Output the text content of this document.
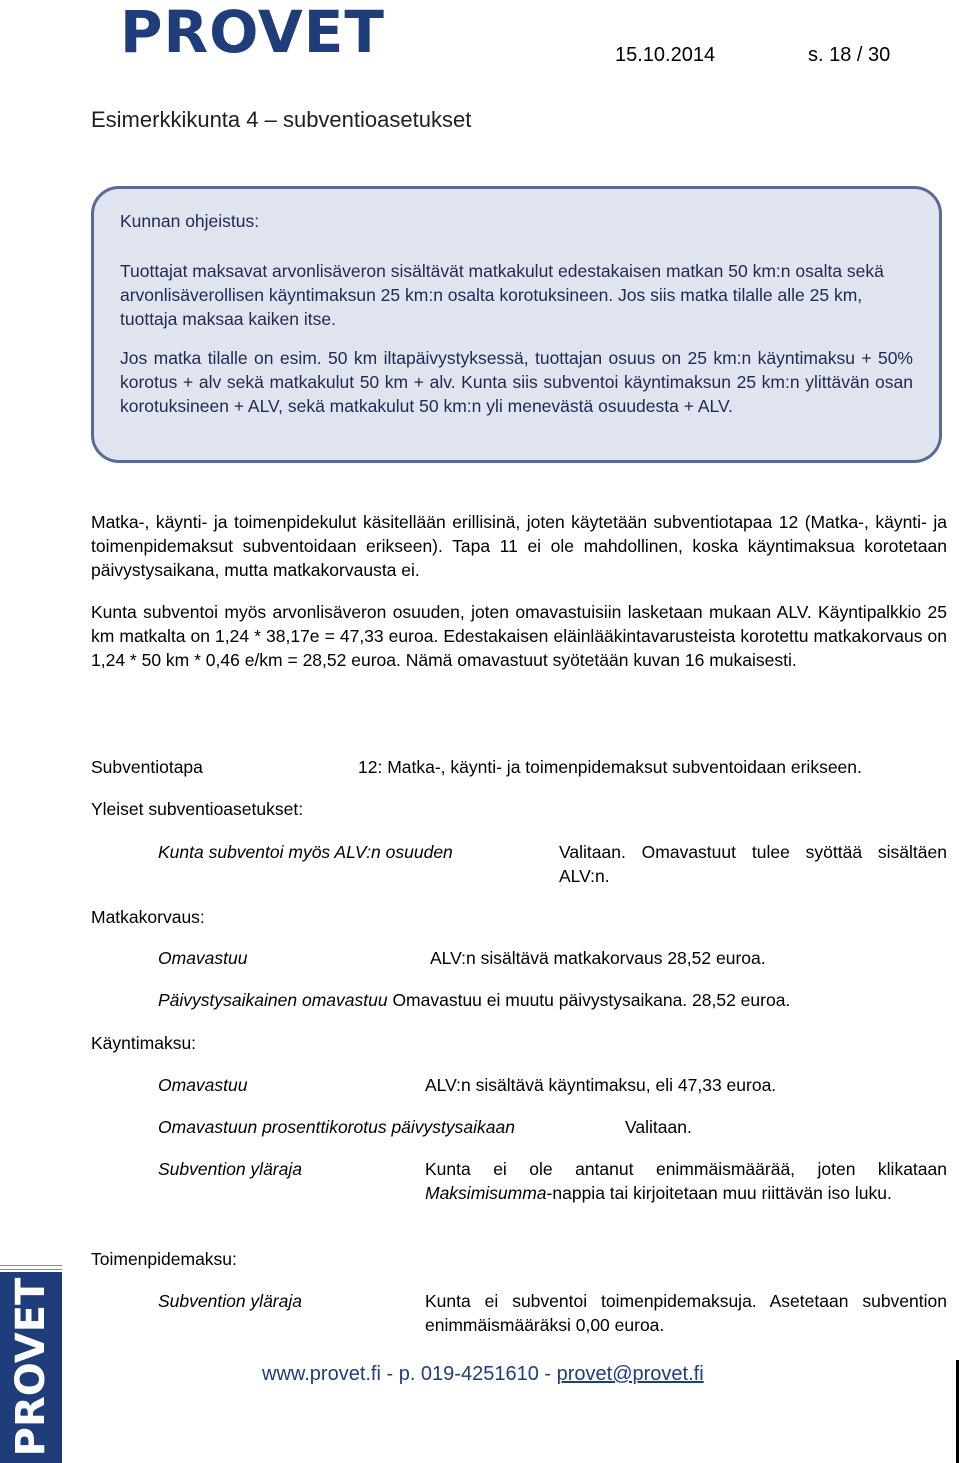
PROVET	15.10.2014	s. 18 / 30
Esimerkkikunta 4 – subventioasetukset

Kunnan ohjeistus:

Tuottajat maksavat arvonlisäveron sisältävät matkakulut edestakaisen matkan 50 km:n osalta sekä arvonlisäverollisen käyntimaksun 25 km:n osalta korotuksineen. Jos siis matka tilalle alle 25 km, tuottaja maksaa kaiken itse.

Jos matka tilalle on esim. 50 km iltapäivystyksessä, tuottajan osuus on 25 km:n käyntimaksu + 50% korotus + alv sekä matkakulut 50 km + alv. Kunta siis subventoi käyntimaksun 25 km:n ylittävän osan korotuksineen + ALV, sekä matkakulut 50 km:n yli menevästä osuudesta + ALV.

Matka-, käynti- ja toimenpidekulut käsitellään erillisinä, joten käytetään subventiotapaa 12 (Matka-, käynti- ja toimenpidemaksut subventoidaan erikseen). Tapa 11 ei ole mahdollinen, koska käyntimaksua korotetaan päivystysaikana, mutta matkakorvausta ei.

Kunta subventoi myös arvonlisäveron osuuden, joten omavastuisiin lasketaan mukaan ALV. Käyntipalkkio 25 km matkalta on 1,24 * 38,17e = 47,33 euroa. Edestakaisen eläinlääkintavarusteista korotettu matkakorvaus on 1,24 * 50 km * 0,46 e/km = 28,52 euroa. Nämä omavastuut syötetään kuvan 16 mukaisesti.

Subventiotapa	12: Matka-, käynti- ja toimenpidemaksut subventoidaan erikseen.
Yleiset subventioasetukset:
Kunta subventoi myös ALV:n osuuden	Valitaan. Omavastuut tulee syöttää sisältäen ALV:n.
Matkakorvaus:
Omavastuu	ALV:n sisältävä matkakorvaus 28,52 euroa.
Päivystysaikainen omavastuu Omavastuu ei muutu päivystysaikana. 28,52 euroa.
Käyntimaksu:
Omavastuu	ALV:n sisältävä käyntimaksu, eli 47,33 euroa.
Omavastuun prosenttikorotus päivystysaikaan	Valitaan.
Subvention yläraja	Kunta ei ole antanut enimmäismäärää, joten klikataan Maksimisumma-nappia tai kirjoitetaan muu riittävän iso luku.
Toimenpidemaksu:
Subvention yläraja	Kunta ei subventoi toimenpidemaksuja. Asetetaan subvention enimmäismääräksi 0,00 euroa.
PROVET	www.provet.fi - p. 019-4251610 - provet@provet.fi
